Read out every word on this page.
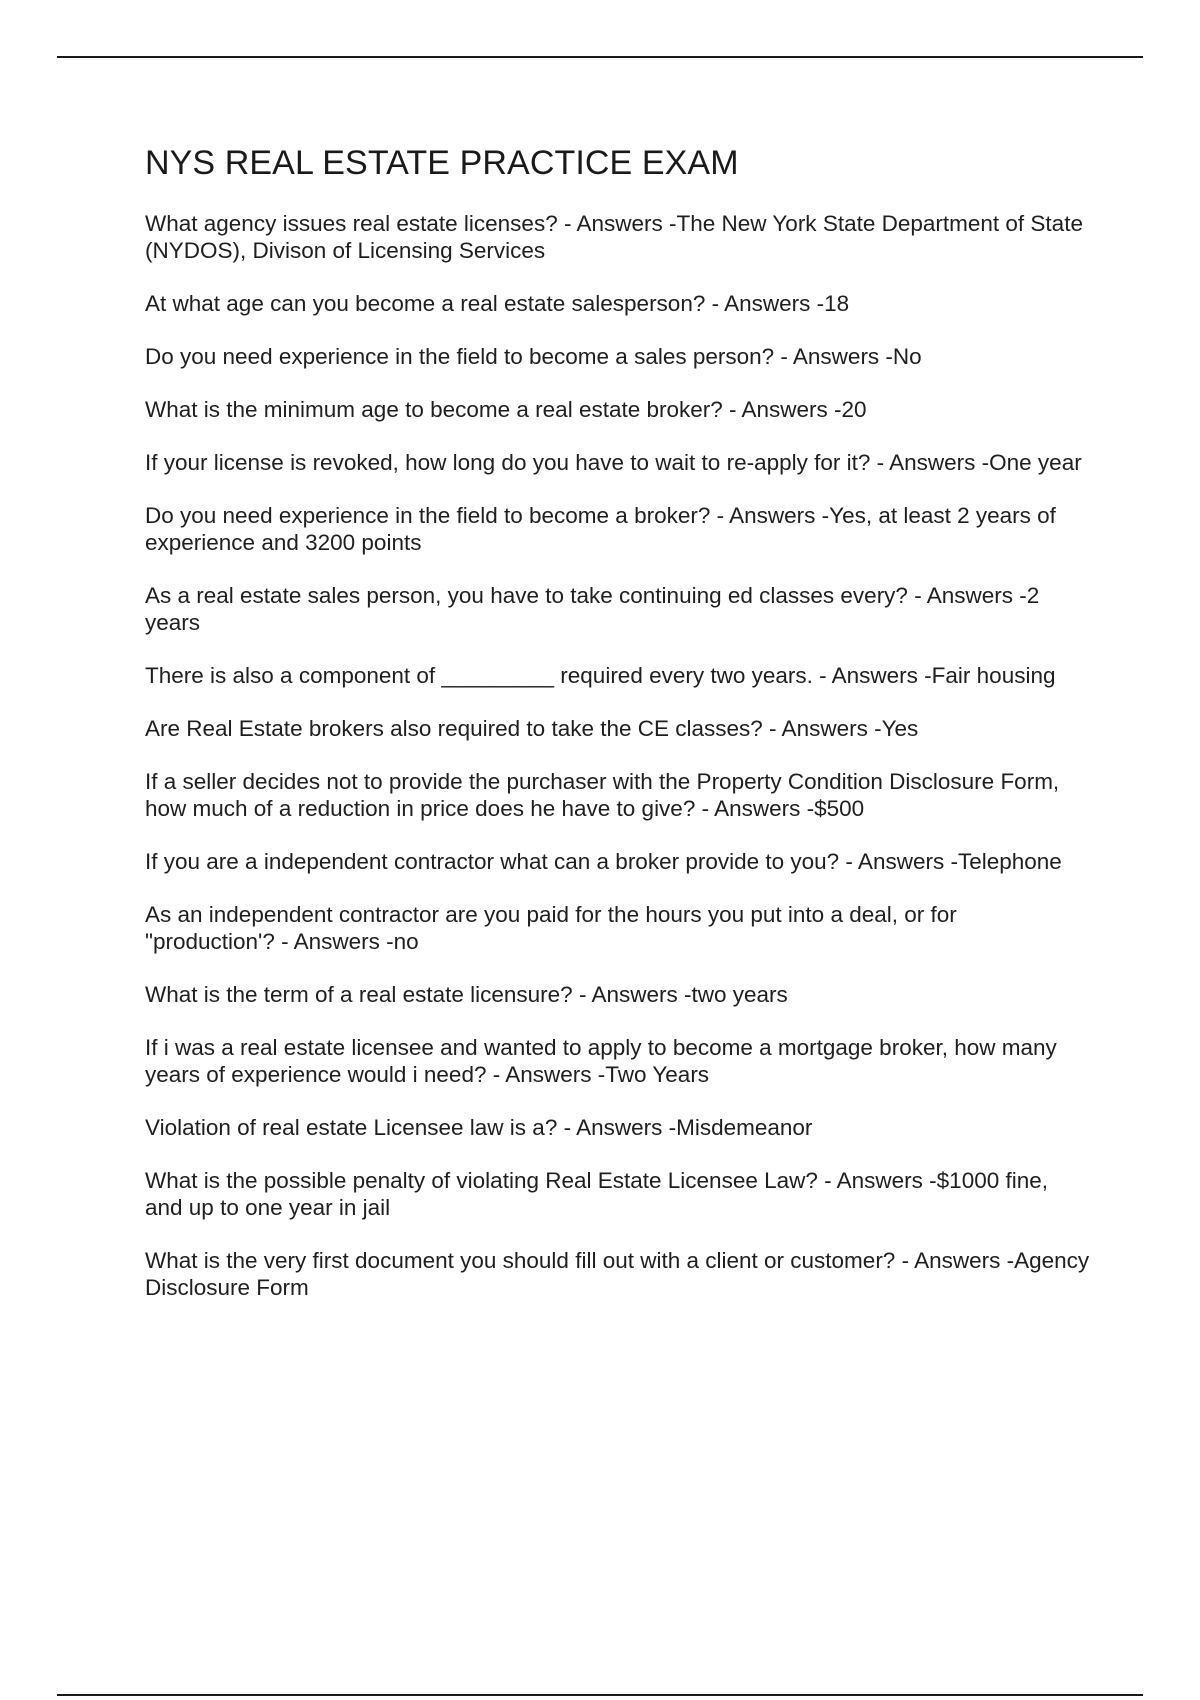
NYS REAL ESTATE PRACTICE EXAM

What agency issues real estate licenses? - Answers -The New York State Department of State (NYDOS), Divison of Licensing Services

At what age can you become a real estate salesperson? - Answers -18

Do you need experience in the field to become a sales person? - Answers -No

What is the minimum age to become a real estate broker? - Answers -20

If your license is revoked, how long do you have to wait to re-apply for it? - Answers -One year

Do you need experience in the field to become a broker? - Answers -Yes, at least 2 years of experience and 3200 points

As a real estate sales person, you have to take continuing ed classes every? - Answers -2 years

There is also a component of _________ required every two years. - Answers -Fair housing

Are Real Estate brokers also required to take the CE classes? - Answers -Yes

If a seller decides not to provide the purchaser with the Property Condition Disclosure Form, how much of a reduction in price does he have to give? - Answers -$500

If you are a independent contractor what can a broker provide to you? - Answers -Telephone

As an independent contractor are you paid for the hours you put into a deal, or for "production'? - Answers -no

What is the term of a real estate licensure? - Answers -two years

If i was a real estate licensee and wanted to apply to become a mortgage broker, how many years of experience would i need? - Answers -Two Years

Violation of real estate Licensee law is a? - Answers -Misdemeanor

What is the possible penalty of violating Real Estate Licensee Law? - Answers -$1000 fine, and up to one year in jail

What is the very first document you should fill out with a client or customer? - Answers -Agency Disclosure Form
